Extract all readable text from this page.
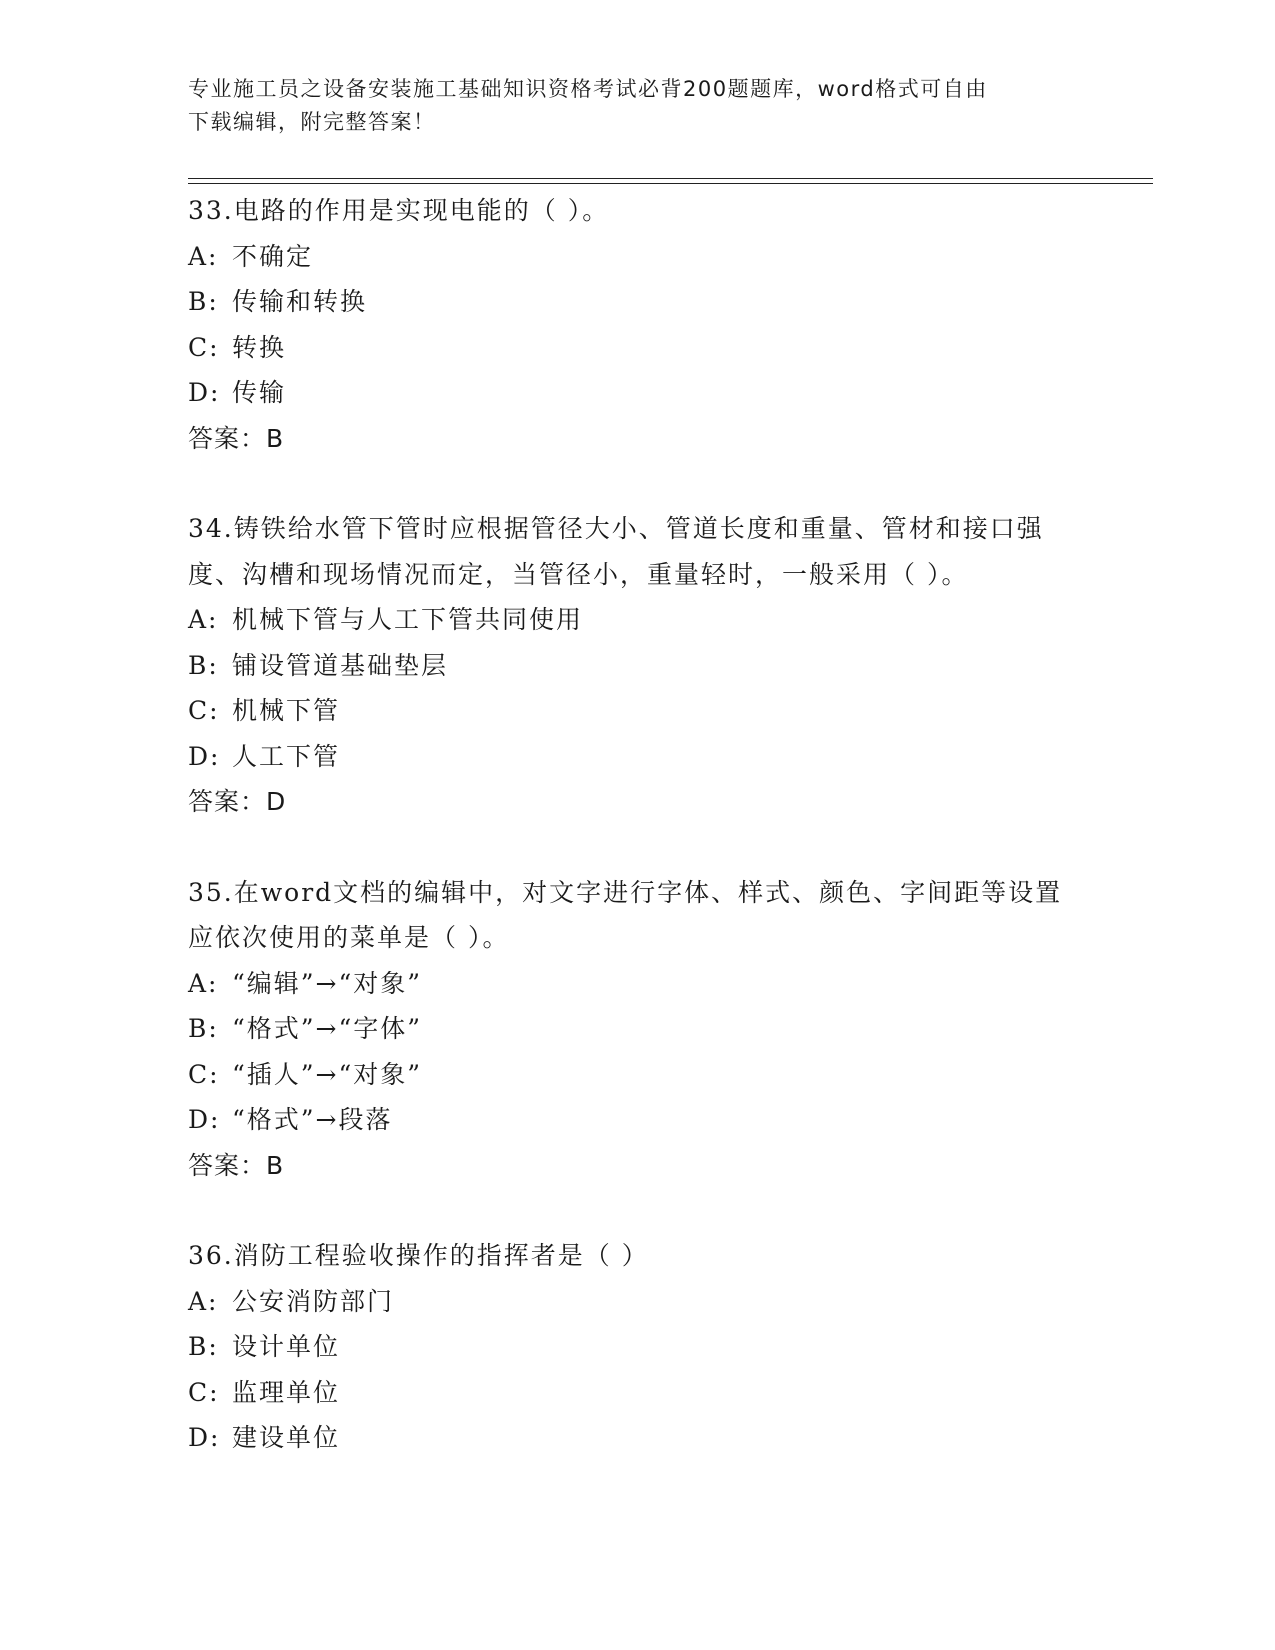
专业施工员之设备安装施工基础知识资格考试必背200题题库，word格式可自由
下载编辑，附完整答案！

33.电路的作用是实现电能的（ ）。

A: 不确定
B: 传输和转换
C: 转换
D: 传输
答案：B

34.铸铁给水管下管时应根据管径大小、管道长度和重量、管材和接口强度、沟槽和现场情况而定，当管径小，重量轻时，一般采用（ ）。

A: 机械下管与人工下管共同使用
B: 铺设管道基础垫层
C: 机械下管
D: 人工下管
答案：D

35.在word文档的编辑中，对文字进行字体、样式、颜色、字间距等设置应依次使用的菜单是（ ）。

A: “编辑”→“对象”
B: “格式”→“字体”
C: “插人”→“对象”
D: “格式”→段落
答案：B

36.消防工程验收操作的指挥者是（ ）

A: 公安消防部门
B: 设计单位
C: 监理单位
D: 建设单位
